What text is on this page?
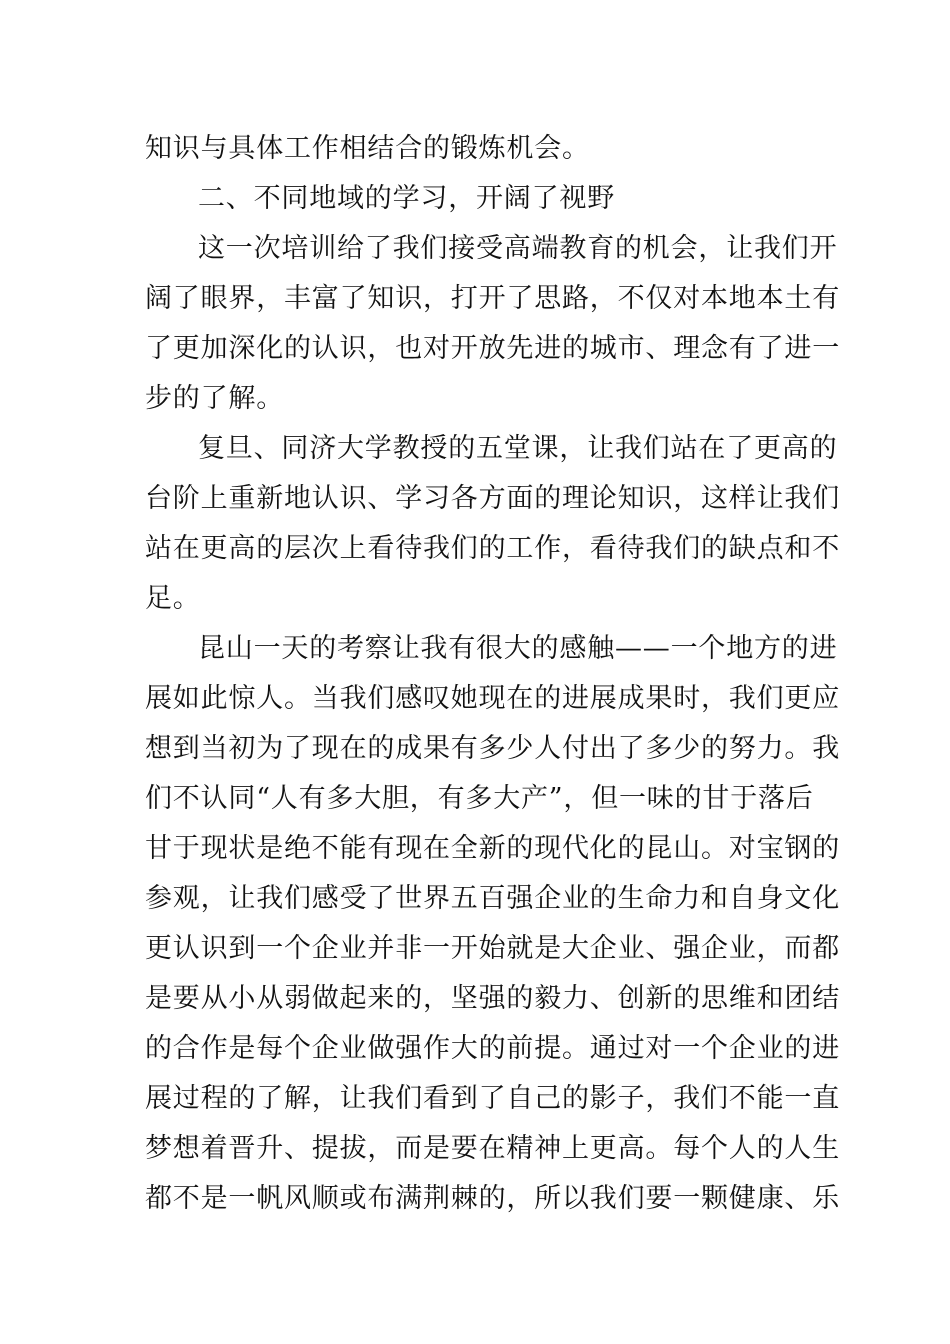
知识与具体工作相结合的锻炼机会。
二、不同地域的学习，开阔了视野
这一次培训给了我们接受高端教育的机会，让我们开
阔了眼界，丰富了知识，打开了思路，不仅对本地本土有
了更加深化的认识，也对开放先进的城市、理念有了进一
步的了解。
复旦、同济大学教授的五堂课，让我们站在了更高的
台阶上重新地认识、学习各方面的理论知识，这样让我们
站在更高的层次上看待我们的工作，看待我们的缺点和不
足。
昆山一天的考察让我有很大的感触——一个地方的进
展如此惊人。当我们感叹她现在的进展成果时，我们更应
想到当初为了现在的成果有多少人付出了多少的努力。我
们不认同“人有多大胆，有多大产”，但一味的甘于落后
甘于现状是绝不能有现在全新的现代化的昆山。对宝钢的
参观，让我们感受了世界五百强企业的生命力和自身文化
更认识到一个企业并非一开始就是大企业、强企业，而都
是要从小从弱做起来的，坚强的毅力、创新的思维和团结
的合作是每个企业做强作大的前提。通过对一个企业的进
展过程的了解，让我们看到了自己的影子，我们不能一直
梦想着晋升、提拔，而是要在精神上更高。每个人的人生
都不是一帆风顺或布满荆棘的，所以我们要一颗健康、乐
